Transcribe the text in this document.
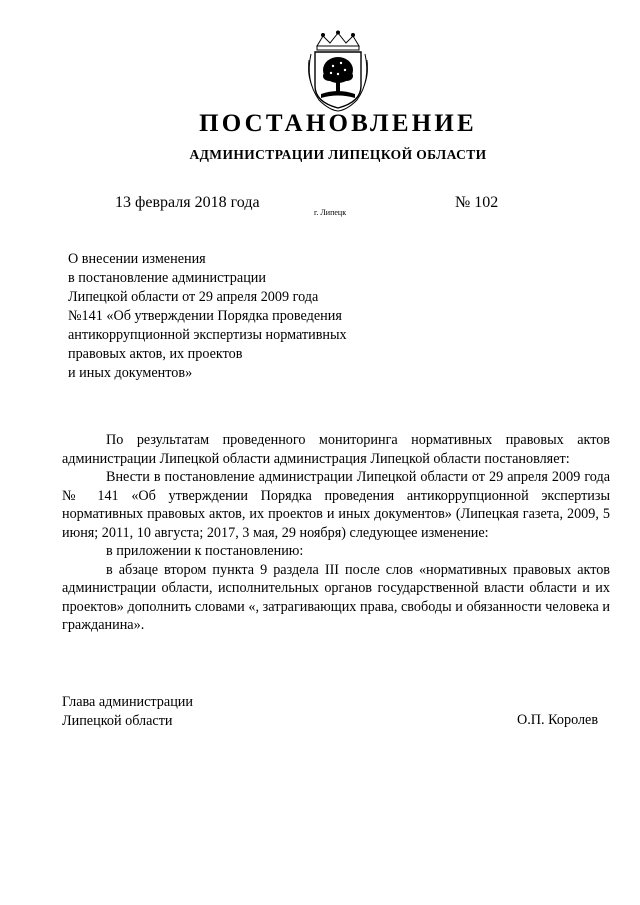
ПОСТАНОВЛЕНИЕ
АДМИНИСТРАЦИИ ЛИПЕЦКОЙ ОБЛАСТИ
13 февраля 2018 года
г. Липецк
№ 102
О внесении изменения
в постановление администрации
Липецкой области от 29 апреля 2009 года
№141 «Об утверждении Порядка проведения
антикоррупционной экспертизы нормативных
правовых актов, их проектов
и иных документов»

По результатам проведенного мониторинга нормативных правовых актов администрации Липецкой области администрация Липецкой области постановляет:

Внести в постановление администрации Липецкой области от 29 апреля 2009 года № 141 «Об утверждении Порядка проведения антикоррупционной экспертизы нормативных правовых актов, их проектов и иных документов» (Липецкая газета, 2009, 5 июня; 2011, 10 августа; 2017, 3 мая, 29 ноября) следующее изменение:

в приложении к постановлению:

в абзаце втором пункта 9 раздела III после слов «нормативных правовых актов администрации области, исполнительных органов государственной власти области и их проектов» дополнить словами «, затрагивающих права, свободы и обязанности человека и гражданина».

Глава администрации
Липецкой области	О.П. Королев
